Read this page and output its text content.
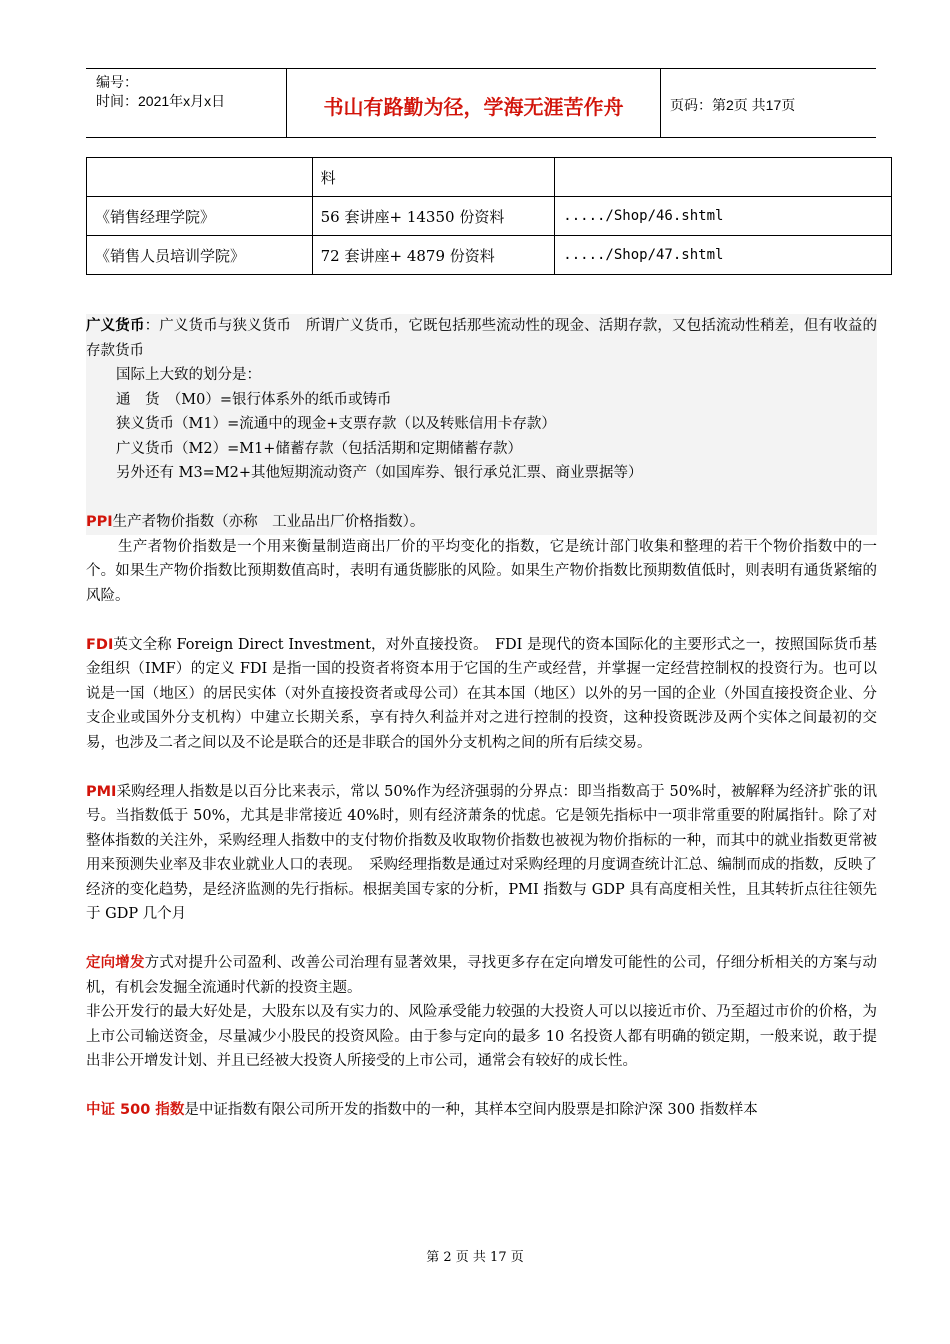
编号：
时间：2021年x月x日	书山有路勤为径，学海无涯苦作舟	页码：第2页 共17页
	料	
《销售经理学院》	56 套讲座+ 14350 份资料	...../Shop/46.shtml
《销售人员培训学院》	72 套讲座+ 4879 份资料	...../Shop/47.shtml

广义货币：广义货币与狭义货币　所谓广义货币，它既包括那些流动性的现金、活期存款，又包括流动性稍差，但有收益的存款货币

国际上大致的划分是：

通　货　（M0）=银行体系外的纸币或铸币

狭义货币（M1）=流通中的现金+支票存款（以及转账信用卡存款）

广义货币（M2）=M1+储蓄存款（包括活期和定期储蓄存款）

另外还有 M3=M2+其他短期流动资产（如国库券、银行承兑汇票、商业票据等）

PPI生产者物价指数（亦称　工业品出厂价格指数）。

生产者物价指数是一个用来衡量制造商出厂价的平均变化的指数，它是统计部门收集和整理的若干个物价指数中的一个。如果生产物价指数比预期数值高时，表明有通货膨胀的风险。如果生产物价指数比预期数值低时，则表明有通货紧缩的风险。

FDI英文全称 Foreign Direct Investment，对外直接投资。　FDI 是现代的资本国际化的主要形式之一，按照国际货币基金组织（IMF）的定义 FDI 是指一国的投资者将资本用于它国的生产或经营，并掌握一定经营控制权的投资行为。也可以说是一国（地区）的居民实体（对外直接投资者或母公司）在其本国（地区）以外的另一国的企业（外国直接投资企业、分支企业或国外分支机构）中建立长期关系，享有持久利益并对之进行控制的投资，这种投资既涉及两个实体之间最初的交易，也涉及二者之间以及不论是联合的还是非联合的国外分支机构之间的所有后续交易。

PMI采购经理人指数是以百分比来表示，常以 50%作为经济强弱的分界点：即当指数高于 50%时，被解释为经济扩张的讯号。当指数低于 50%，尤其是非常接近 40%时，则有经济萧条的忧虑。它是领先指标中一项非常重要的附属指针。除了对整体指数的关注外，采购经理人指数中的支付物价指数及收取物价指数也被视为物价指标的一种，而其中的就业指数更常被用来预测失业率及非农业就业人口的表现。　采购经理指数是通过对采购经理的月度调查统计汇总、编制而成的指数，反映了经济的变化趋势，是经济监测的先行指标。根据美国专家的分析，PMI 指数与 GDP 具有高度相关性，且其转折点往往领先于 GDP 几个月

定向增发方式对提升公司盈利、改善公司治理有显著效果，寻找更多存在定向增发可能性的公司，仔细分析相关的方案与动机，有机会发掘全流通时代新的投资主题。

非公开发行的最大好处是，大股东以及有实力的、风险承受能力较强的大投资人可以以接近市价、乃至超过市价的价格，为上市公司输送资金，尽量减少小股民的投资风险。由于参与定向的最多 10 名投资人都有明确的锁定期，一般来说，敢于提出非公开增发计划、并且已经被大投资人所接受的上市公司，通常会有较好的成长性。

中证 500 指数是中证指数有限公司所开发的指数中的一种，其样本空间内股票是扣除沪深 300 指数样本

第 2 页 共 17 页
